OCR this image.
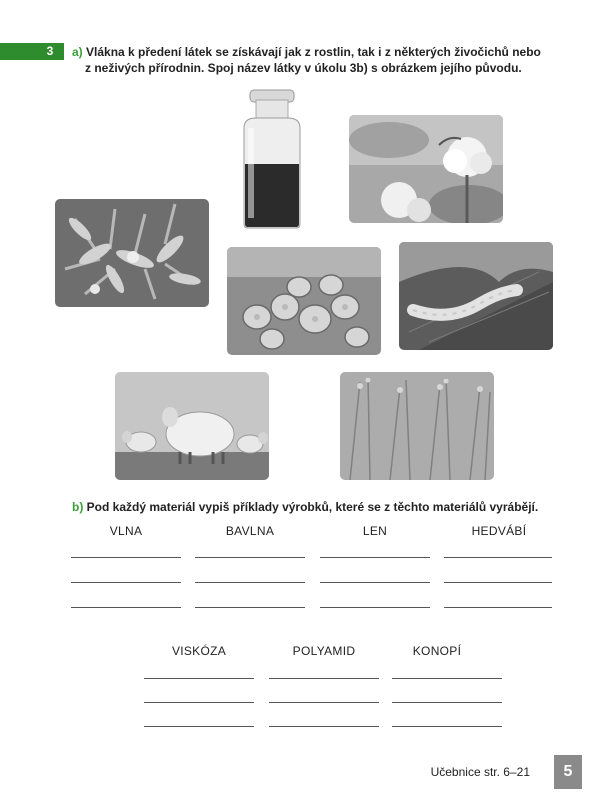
3	a) Vlákna k předení látek se získávají jak z rostlin, tak i z některých živočichů nebo
z neživých přírodnin. Spoj název látky v úkolu 3b) s obrázkem jejího původu.
b) Pod každý materiál vypiš příklady výrobků, které se z těchto materiálů vyrábějí.
VLNA	BAVLNA	LEN	HEDVÁBÍ
VISKÓZA	POLYAMID	KONOPÍ
Učebnice str. 6–21	5
